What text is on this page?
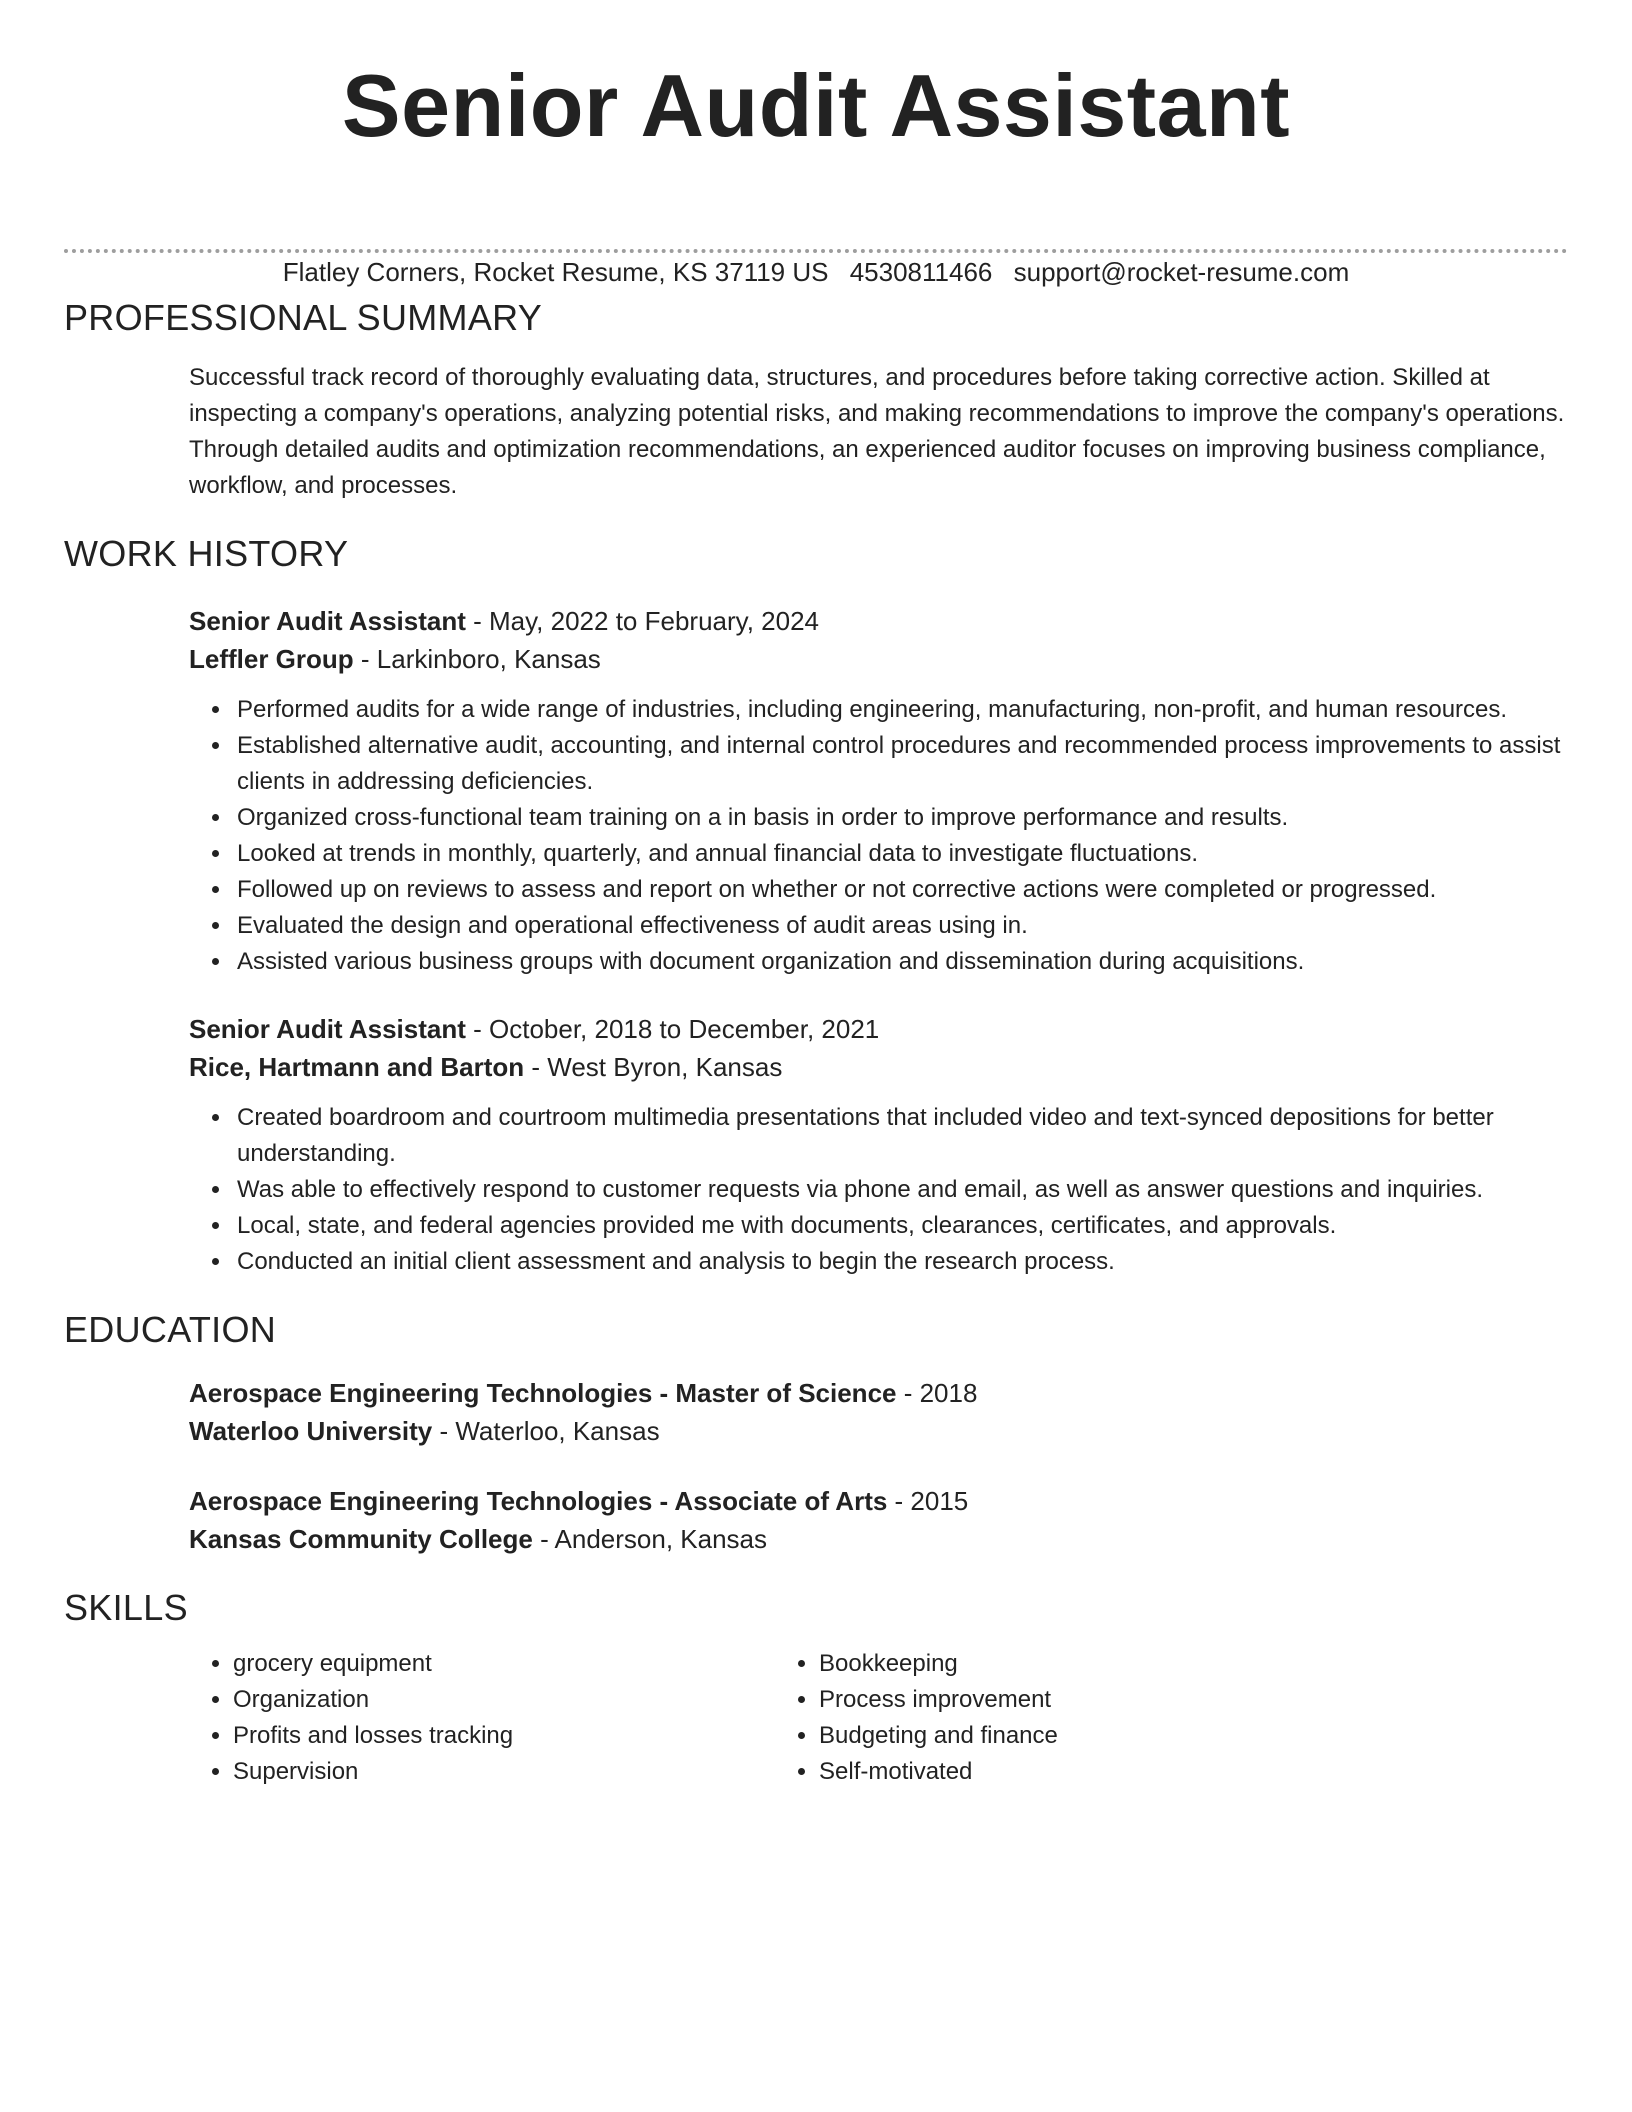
Senior Audit Assistant
Flatley Corners, Rocket Resume, KS 37119 US 4530811466 support@rocket-resume.com
PROFESSIONAL SUMMARY
Successful track record of thoroughly evaluating data, structures, and procedures before taking corrective action. Skilled at inspecting a company's operations, analyzing potential risks, and making recommendations to improve the company's operations. Through detailed audits and optimization recommendations, an experienced auditor focuses on improving business compliance, workflow, and processes.
WORK HISTORY
Senior Audit Assistant - May, 2022 to February, 2024
Leffler Group - Larkinboro, Kansas
• Performed audits for a wide range of industries, including engineering, manufacturing, non-profit, and human resources.
• Established alternative audit, accounting, and internal control procedures and recommended process improvements to assist clients in addressing deficiencies.
• Organized cross-functional team training on a in basis in order to improve performance and results.
• Looked at trends in monthly, quarterly, and annual financial data to investigate fluctuations.
• Followed up on reviews to assess and report on whether or not corrective actions were completed or progressed.
• Evaluated the design and operational effectiveness of audit areas using in.
• Assisted various business groups with document organization and dissemination during acquisitions.
Senior Audit Assistant - October, 2018 to December, 2021
Rice, Hartmann and Barton - West Byron, Kansas
• Created boardroom and courtroom multimedia presentations that included video and text-synced depositions for better understanding.
• Was able to effectively respond to customer requests via phone and email, as well as answer questions and inquiries.
• Local, state, and federal agencies provided me with documents, clearances, certificates, and approvals.
• Conducted an initial client assessment and analysis to begin the research process.
EDUCATION
Aerospace Engineering Technologies - Master of Science - 2018
Waterloo University - Waterloo, Kansas
Aerospace Engineering Technologies - Associate of Arts - 2015
Kansas Community College - Anderson, Kansas
SKILLS
• grocery equipment
• Organization
• Profits and losses tracking
• Supervision
• Bookkeeping
• Process improvement
• Budgeting and finance
• Self-motivated
